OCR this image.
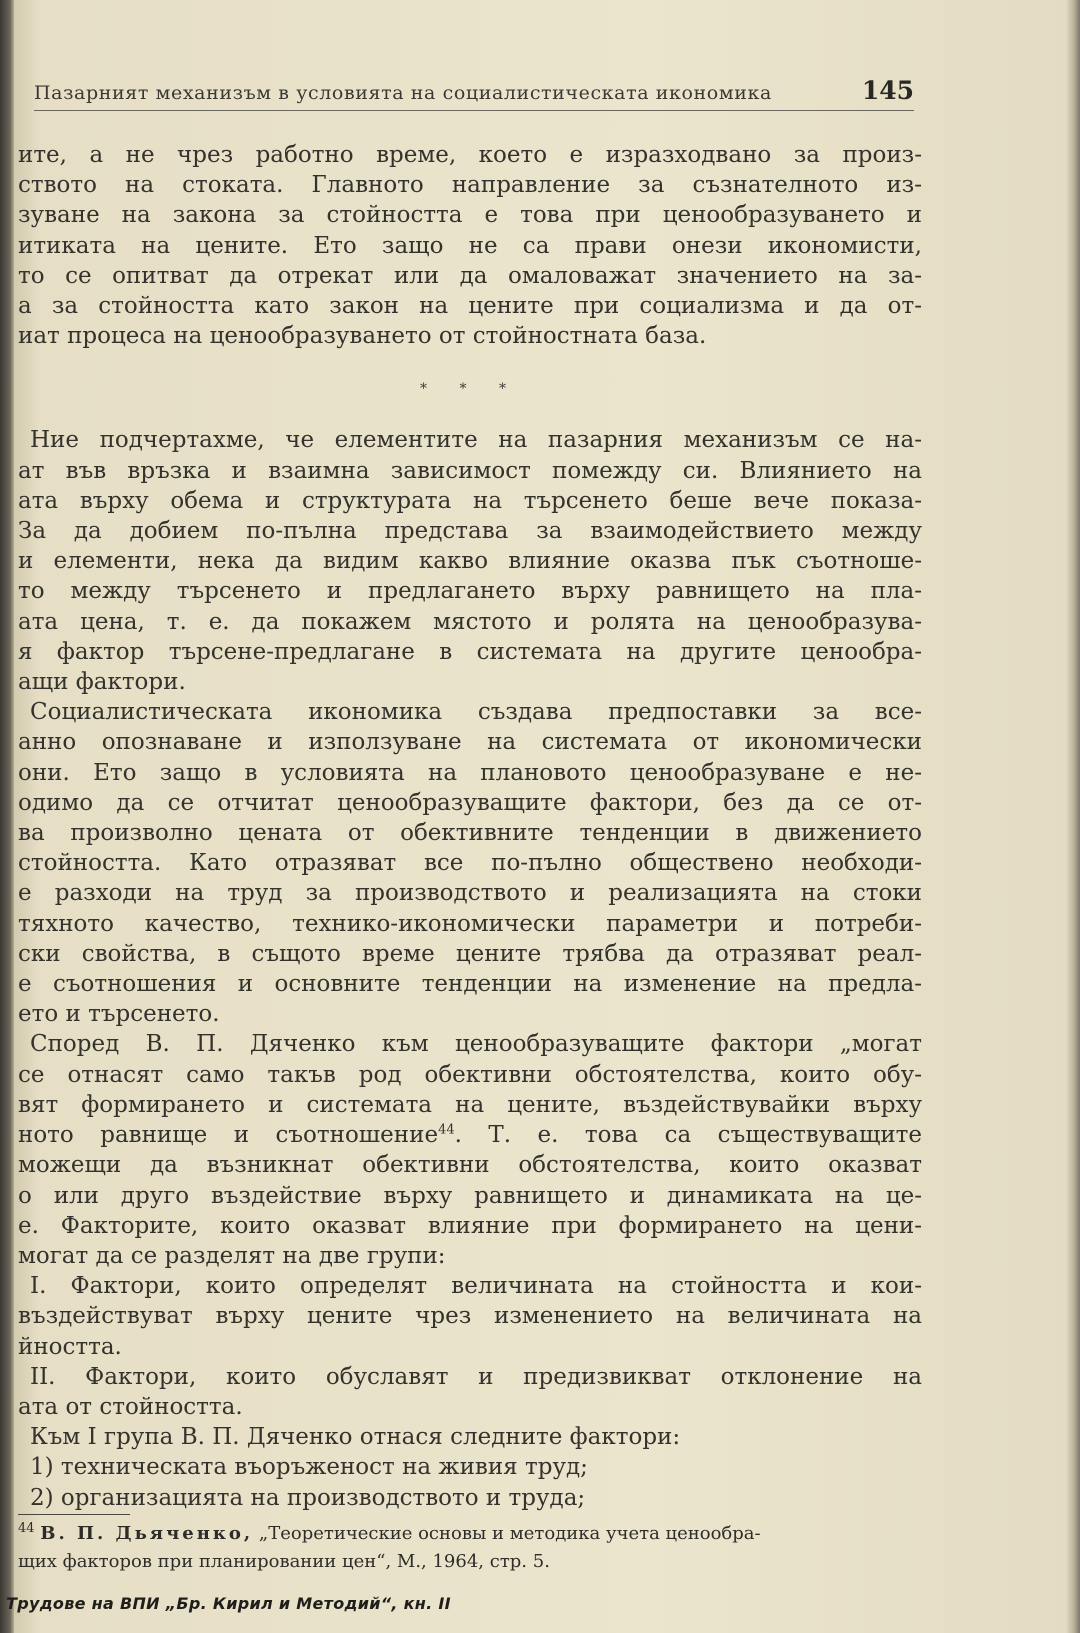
Пазарният механизъм в условията на социалистическата икономика	145
ите, а не чрез работно време, което е изразходвано за произ-
ството на стоката. Главното направление за съзнателното из-
зуване на закона за стойността е това при ценообразуването и
итиката на цените. Ето защо не са прави онези икономисти,
то се опитват да отрекат или да омаловажат значението на за-
а за стойността като закон на цените при социализма и да от-
иат процеса на ценообразуването от стойностната база.
* * *
Ние подчертахме, че елементите на пазарния механизъм се на-
ат във връзка и взаимна зависимост помежду си. Влиянието на
ата върху обема и структурата на търсенето беше вече показа-
За да добием по-пълна представа за взаимодействието между
и елементи, нека да видим какво влияние оказва пък съотноше-
то между търсенето и предлагането върху равнището на пла-
ата цена, т. е. да покажем мястото и ролята на ценообразува-
я фактор търсене-предлагане в системата на другите ценообра-
ащи фактори.
Социалистическата икономика създава предпоставки за все-
анно опознаване и използуване на системата от икономически
они. Ето защо в условията на плановото ценообразуване е не-
одимо да се отчитат ценообразуващите фактори, без да се от-
ва произволно цената от обективните тенденции в движението
стойността. Като отразяват все по-пълно обществено необходи-
е разходи на труд за производството и реализацията на стоки
тяхното качество, технико-икономически параметри и потреби-
ски свойства, в същото време цените трябва да отразяват реал-
е съотношения и основните тенденции на изменение на предла-
ето и търсенето.
Според В. П. Дяченко към ценообразуващите фактори „могат
се отнасят само такъв род обективни обстоятелства, които обу-
вят формирането и системата на цените, въздействувайки върху
ното равнище и съотношение$^{44}$. Т. е. това са съществуващите
можещи да възникнат обективни обстоятелства, които оказват
о или друго въздействие върху равнището и динамиката на це-
е. Факторите, които оказват влияние при формирането на цени-
могат да се разделят на две групи:
I. Фактори, които определят величината на стойността и кои-
въздействуват върху цените чрез изменението на величината на
йността.
II. Фактори, които обуславят и предизвикват отклонение на
ата от стойността.
Към I група В. П. Дяченко отнася следните фактори:
1) техническата въоръженост на живия труд;
2) организацията на производството и труда;
$^{44}$ В. П. Дьяченко, „Теоретические основы и методика учета ценообра-
щих факторов при планировании цен“, М., 1964, стр. 5.
Трудове на ВПИ „Бр. Кирил и Методий“, кн. II
